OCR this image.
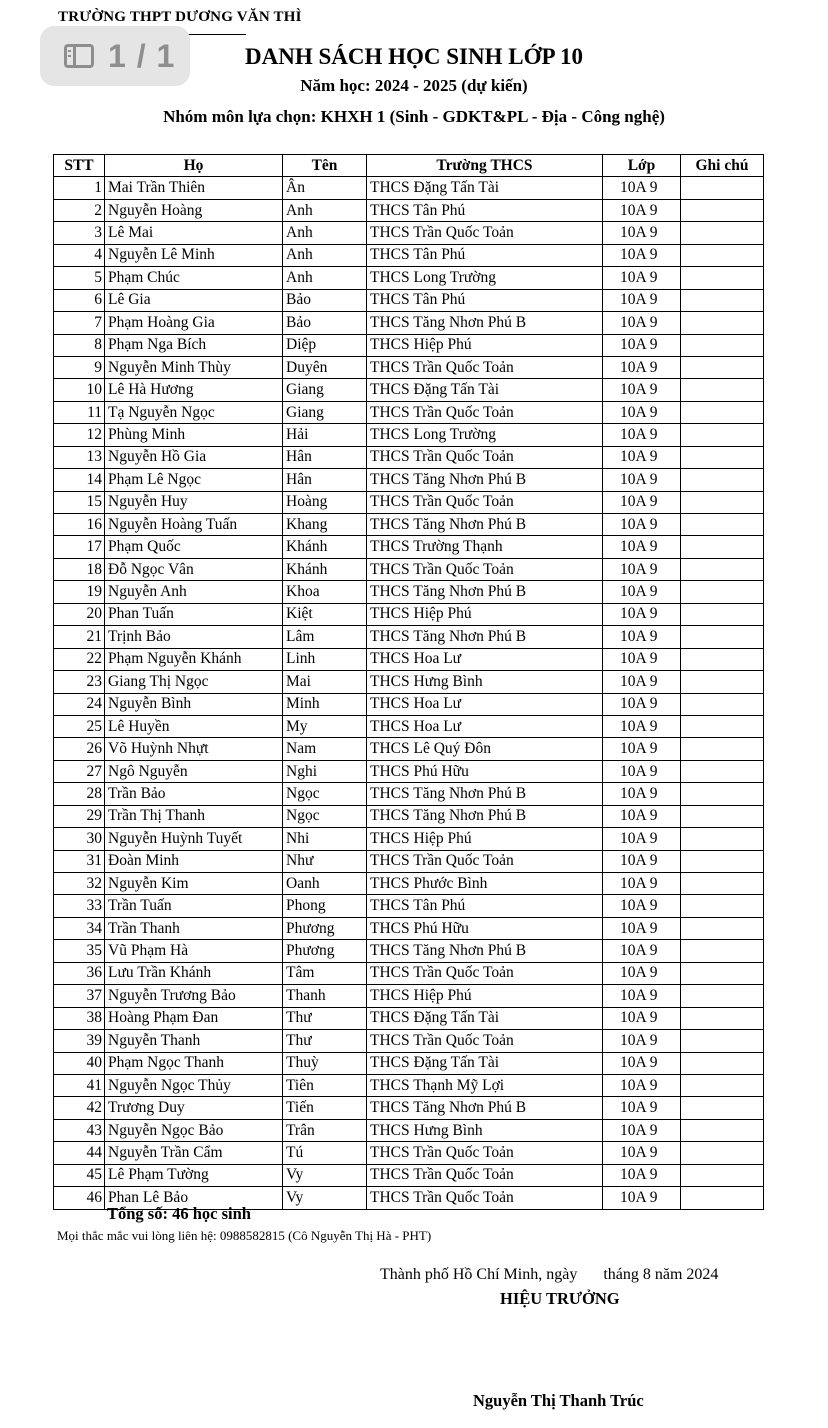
TRƯỜNG THPT DƯƠNG VĂN THÌ
DANH SÁCH HỌC SINH LỚP 10
Năm học: 2024 - 2025 (dự kiến)
Nhóm môn lựa chọn: KHXH 1 (Sinh - GDKT&PL - Địa - Công nghệ)
1 / 1
STT	Họ	Tên	Trường THCS	Lớp	Ghi chú
1	Mai Trần Thiên	Ân	THCS Đặng Tấn Tài	10A 9	
2	Nguyễn Hoàng	Anh	THCS Tân Phú	10A 9	
3	Lê Mai	Anh	THCS Trần Quốc Toản	10A 9	
4	Nguyễn Lê Minh	Anh	THCS Tân Phú	10A 9	
5	Phạm Chúc	Anh	THCS Long Trường	10A 9	
6	Lê Gia	Bảo	THCS Tân Phú	10A 9	
7	Phạm Hoàng Gia	Bảo	THCS Tăng Nhơn Phú B	10A 9	
8	Phạm Nga Bích	Diệp	THCS Hiệp Phú	10A 9	
9	Nguyễn Minh Thùy	Duyên	THCS Trần Quốc Toản	10A 9	
10	Lê Hà Hương	Giang	THCS Đặng Tấn Tài	10A 9	
11	Tạ Nguyễn Ngọc	Giang	THCS Trần Quốc Toản	10A 9	
12	Phùng Minh	Hải	THCS Long Trường	10A 9	
13	Nguyễn Hồ Gia	Hân	THCS Trần Quốc Toản	10A 9	
14	Phạm Lê Ngọc	Hân	THCS Tăng Nhơn Phú B	10A 9	
15	Nguyễn Huy	Hoàng	THCS Trần Quốc Toản	10A 9	
16	Nguyễn Hoàng Tuấn	Khang	THCS Tăng Nhơn Phú B	10A 9	
17	Phạm Quốc	Khánh	THCS Trường Thạnh	10A 9	
18	Đỗ Ngọc Vân	Khánh	THCS Trần Quốc Toản	10A 9	
19	Nguyễn Anh	Khoa	THCS Tăng Nhơn Phú B	10A 9	
20	Phan Tuấn	Kiệt	THCS Hiệp Phú	10A 9	
21	Trịnh Bảo	Lâm	THCS Tăng Nhơn Phú B	10A 9	
22	Phạm Nguyễn Khánh	Linh	THCS Hoa Lư	10A 9	
23	Giang Thị Ngọc	Mai	THCS Hưng Bình	10A 9	
24	Nguyễn Bình	Minh	THCS Hoa Lư	10A 9	
25	Lê Huyền	My	THCS Hoa Lư	10A 9	
26	Võ Huỳnh Nhựt	Nam	THCS Lê Quý Đôn	10A 9	
27	Ngô Nguyễn	Nghi	THCS Phú Hữu	10A 9	
28	Trần Bảo	Ngọc	THCS Tăng Nhơn Phú B	10A 9	
29	Trần Thị Thanh	Ngọc	THCS Tăng Nhơn Phú B	10A 9	
30	Nguyễn Huỳnh Tuyết	Nhi	THCS Hiệp Phú	10A 9	
31	Đoàn Minh	Như	THCS Trần Quốc Toản	10A 9	
32	Nguyễn Kim	Oanh	THCS Phước Bình	10A 9	
33	Trần Tuấn	Phong	THCS Tân Phú	10A 9	
34	Trần Thanh	Phương	THCS Phú Hữu	10A 9	
35	Vũ Phạm Hà	Phương	THCS Tăng Nhơn Phú B	10A 9	
36	Lưu Trần Khánh	Tâm	THCS Trần Quốc Toản	10A 9	
37	Nguyễn Trương Bảo	Thanh	THCS Hiệp Phú	10A 9	
38	Hoàng Phạm Đan	Thư	THCS Đặng Tấn Tài	10A 9	
39	Nguyễn Thanh	Thư	THCS Trần Quốc Toản	10A 9	
40	Phạm Ngọc Thanh	Thuỳ	THCS Đặng Tấn Tài	10A 9	
41	Nguyễn Ngọc Thủy	Tiên	THCS Thạnh Mỹ Lợi	10A 9	
42	Trương Duy	Tiến	THCS Tăng Nhơn Phú B	10A 9	
43	Nguyễn Ngọc Bảo	Trân	THCS Hưng Bình	10A 9	
44	Nguyễn Trần Cẩm	Tú	THCS Trần Quốc Toản	10A 9	
45	Lê Phạm Tường	Vy	THCS Trần Quốc Toản	10A 9	
46	Phan Lê Bảo	Vy	THCS Trần Quốc Toản	10A 9	
Tổng số: 46 học sinh
Mọi thắc mắc vui lòng liên hệ: 0988582815 (Cô Nguyễn Thị Hà - PHT)
Thành phố Hồ Chí Minh, ngày tháng 8 năm 2024
HIỆU TRƯỞNG
Nguyễn Thị Thanh Trúc
